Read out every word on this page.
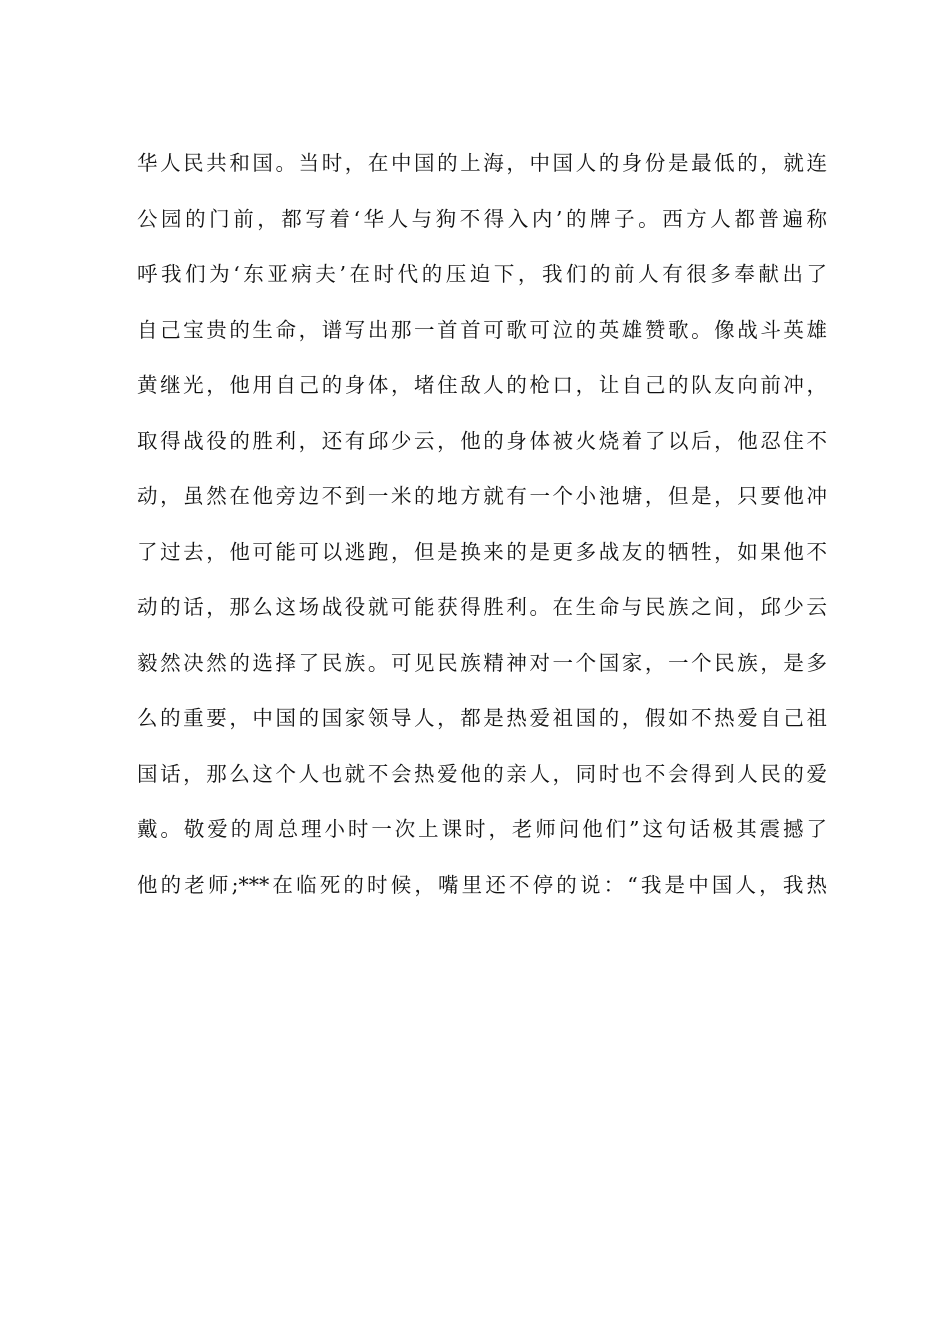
华人民共和国。当时，在中国的上海，中国人的身份是最低的，就连
公园的门前，都写着‘华人与狗不得入内’的牌子。西方人都普遍称
呼我们为‘东亚病夫’在时代的压迫下，我们的前人有很多奉献出了
自己宝贵的生命，谱写出那一首首可歌可泣的英雄赞歌。像战斗英雄
黄继光，他用自己的身体，堵住敌人的枪口，让自己的队友向前冲，
取得战役的胜利，还有邱少云，他的身体被火烧着了以后，他忍住不
动，虽然在他旁边不到一米的地方就有一个小池塘，但是，只要他冲
了过去，他可能可以逃跑，但是换来的是更多战友的牺牲，如果他不
动的话，那么这场战役就可能获得胜利。在生命与民族之间，邱少云
毅然决然的选择了民族。可见民族精神对一个国家，一个民族，是多
么的重要，中国的国家领导人，都是热爱祖国的，假如不热爱自己祖
国话，那么这个人也就不会热爱他的亲人，同时也不会得到人民的爱
戴。敬爱的周总理小时一次上课时，老师问他们”这句话极其震撼了
他的老师;***在临死的时候，嘴里还不停的说：“我是中国人，我热
